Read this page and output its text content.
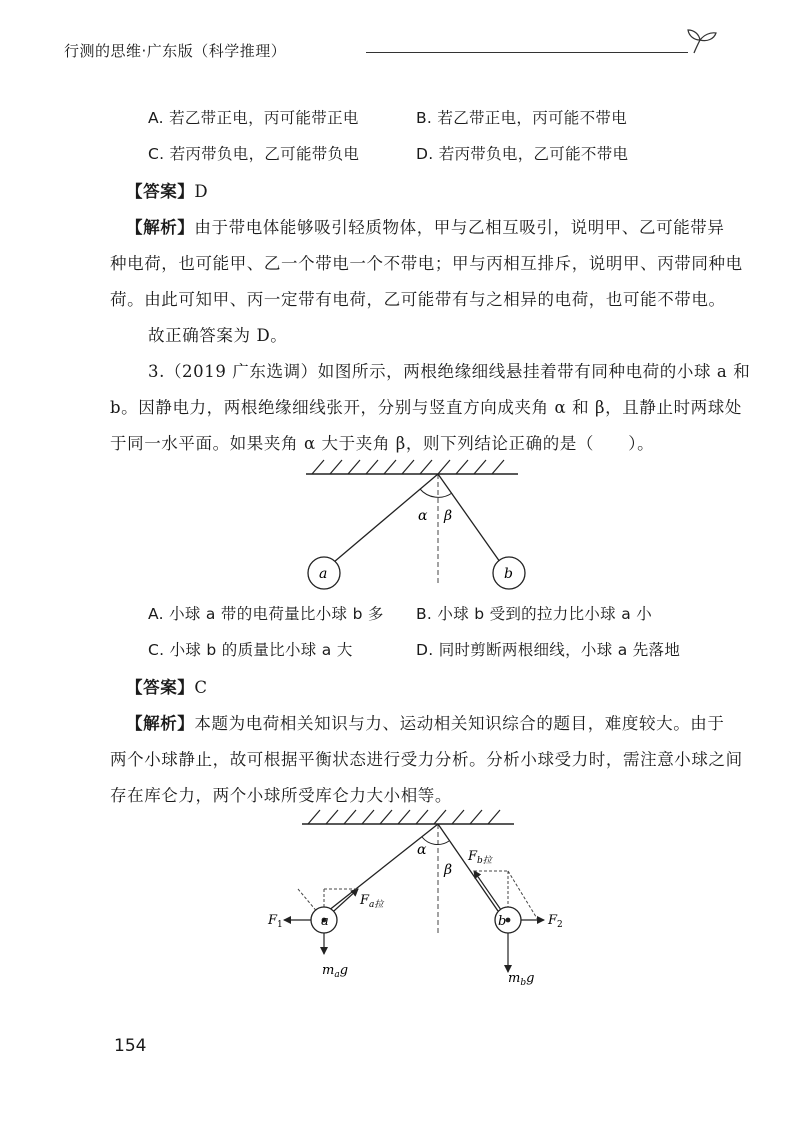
行测的思维·广东版（科学推理）
A. 若乙带正电，丙可能带正电	B. 若乙带正电，丙可能不带电
C. 若丙带负电，乙可能带负电	D. 若丙带负电，乙可能不带电
【答案】D
【解析】由于带电体能够吸引轻质物体，甲与乙相互吸引，说明甲、乙可能带异
种电荷，也可能甲、乙一个带电一个不带电；甲与丙相互排斥，说明甲、丙带同种电
荷。由此可知甲、丙一定带有电荷，乙可能带有与之相异的电荷，也可能不带电。
故正确答案为 D。
3.（2019 广东选调）如图所示，两根绝缘细线悬挂着带有同种电荷的小球 a 和
b。因静电力，两根绝缘细线张开，分别与竖直方向成夹角 α 和 β，且静止时两球处
于同一水平面。如果夹角 α 大于夹角 β，则下列结论正确的是（　　）。
α β
a	b
A. 小球 a 带的电荷量比小球 b 多 B. 小球 b 受到的拉力比小球 a 小
C. 小球 b 的质量比小球 a 大	D. 同时剪断两根细线，小球 a 先落地
【答案】C
【解析】本题为电荷相关知识与力、运动相关知识综合的题目，难度较大。由于
两个小球静止，故可根据平衡状态进行受力分析。分析小球受力时，需注意小球之间
存在库仑力，两个小球所受库仑力大小相等。
α
β
a
$F_1$
$F_{a拉}$
$m_ag$
b	$F_2$
$F_{b拉}$
$m_bg$
154
